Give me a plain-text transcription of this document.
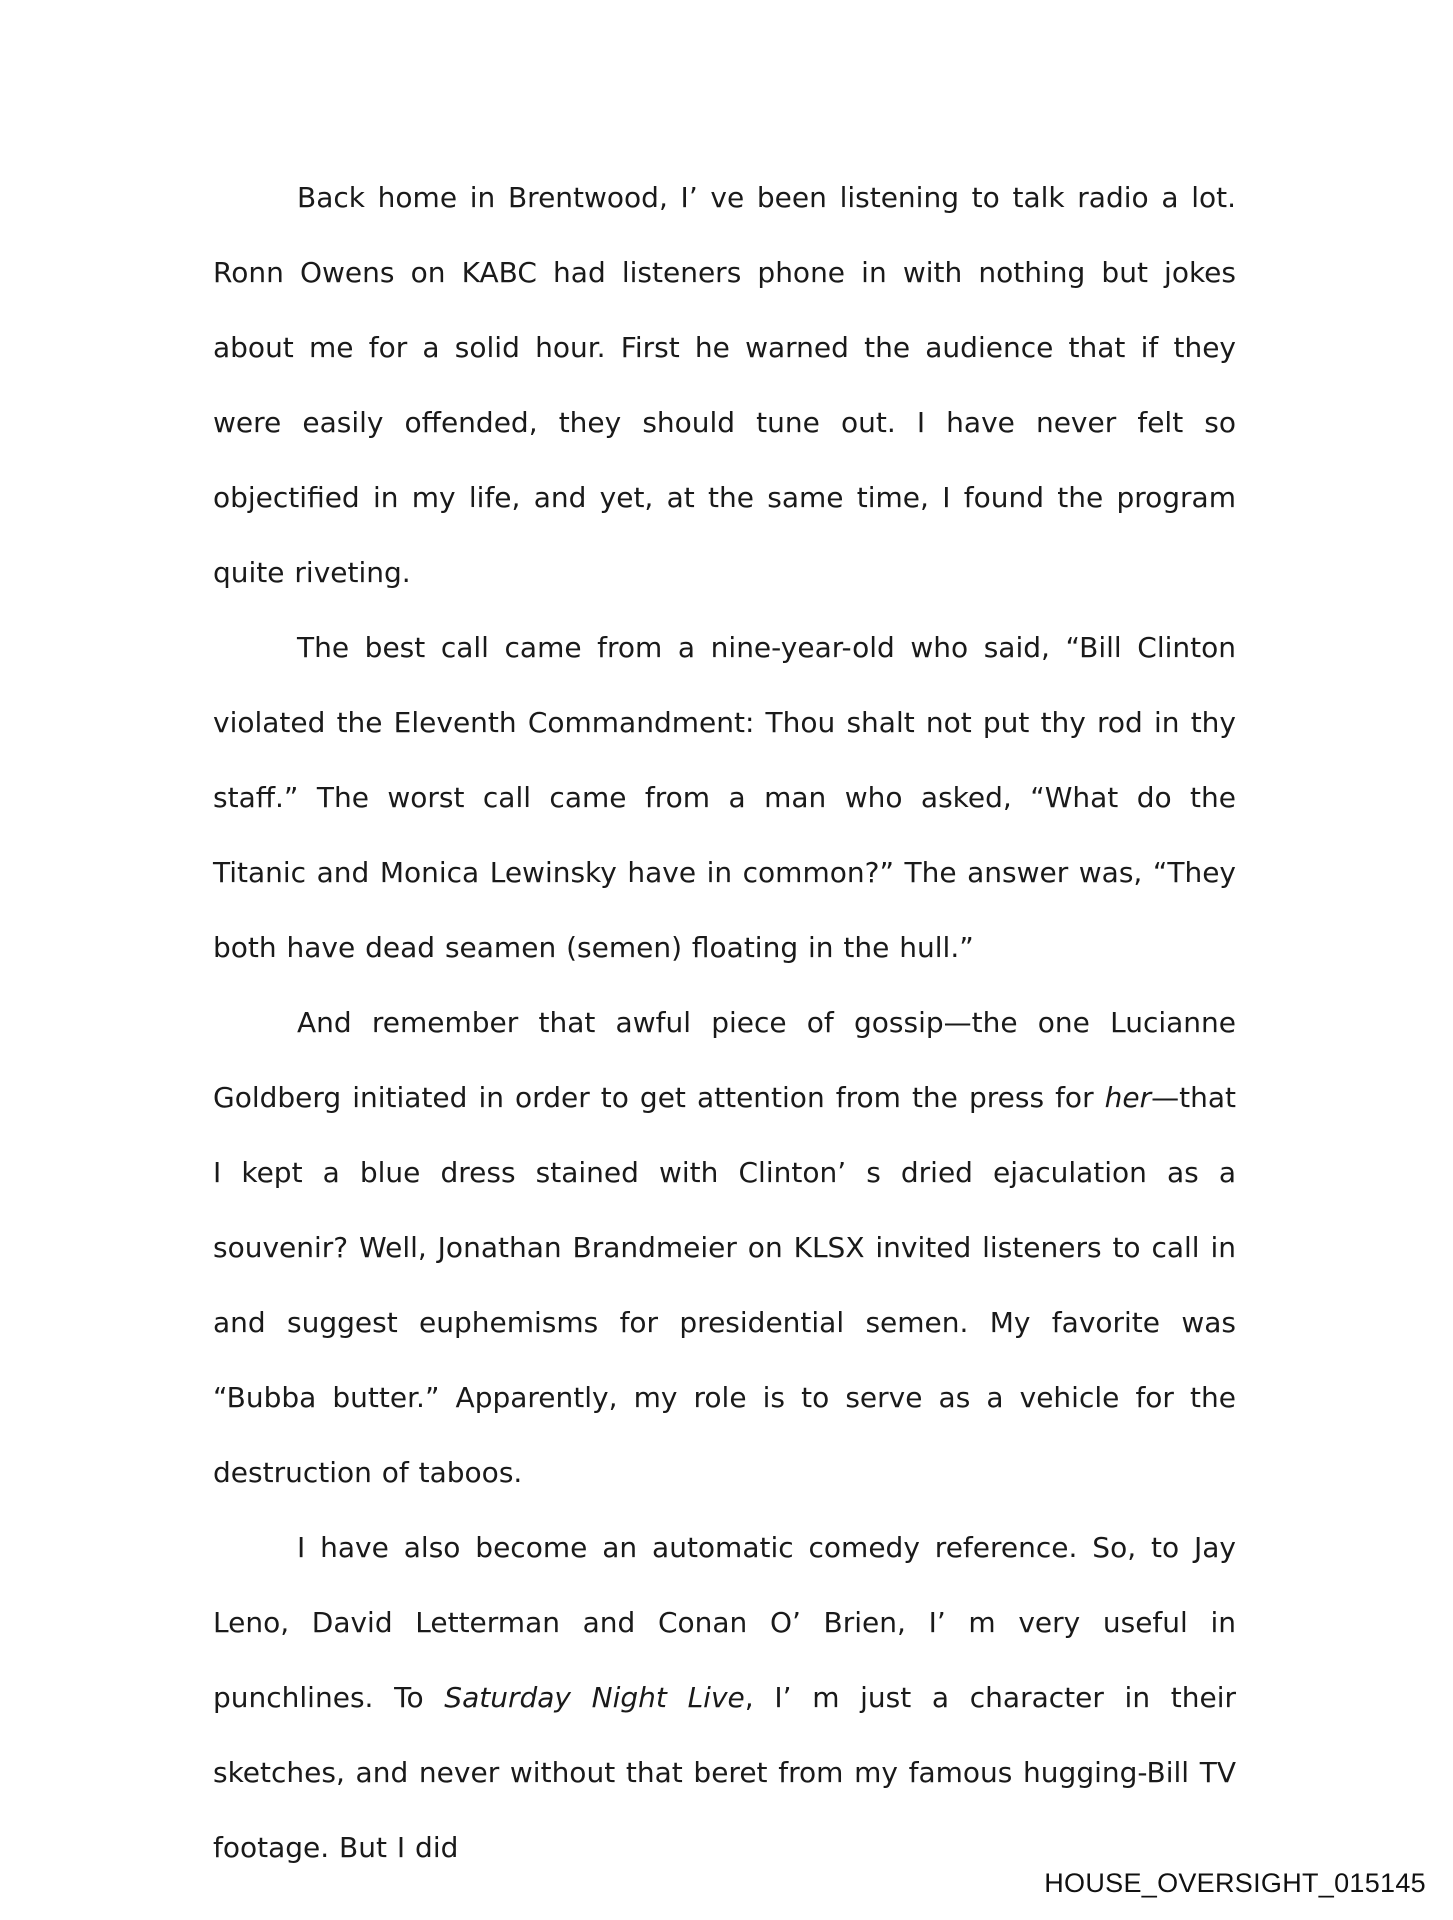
Back home in Brentwood, I’ ve been listening to talk radio a lot. Ronn Owens on KABC had listeners phone in with nothing but jokes about me for a solid hour. First he warned the audience that if they were easily offended, they should tune out. I have never felt so objectified in my life, and yet, at the same time, I found the program quite riveting.

The best call came from a nine-year-old who said, “Bill Clinton violated the Eleventh Commandment: Thou shalt not put thy rod in thy staff.” The worst call came from a man who asked, “What do the Titanic and Monica Lewinsky have in common?” The answer was, “They both have dead seamen (semen) floating in the hull.”

And remember that awful piece of gossip—the one Lucianne Goldberg initiated in order to get attention from the press for her—that I kept a blue dress stained with Clinton’ s dried ejaculation as a souvenir? Well, Jonathan Brandmeier on KLSX invited listeners to call in and suggest euphemisms for presidential semen. My favorite was “Bubba butter.” Apparently, my role is to serve as a vehicle for the destruction of taboos.

I have also become an automatic comedy reference. So, to Jay Leno, David Letterman and Conan O’ Brien, I’ m very useful in punchlines. To Saturday Night Live, I’ m just a character in their sketches, and never without that beret from my famous hugging-Bill TV footage. But I did

HOUSE_OVERSIGHT_015145
